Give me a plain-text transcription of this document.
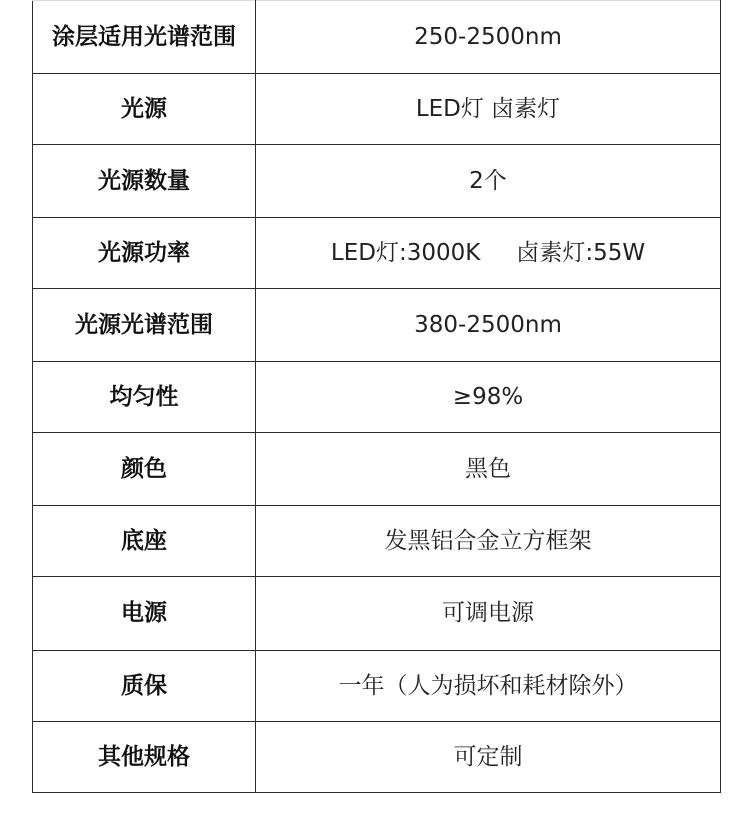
涂层适用光谱范围	250-2500nm
光源	LED灯 卤素灯
光源数量	2个
光源功率	LED灯:3000K 卤素灯:55W
光源光谱范围	380-2500nm
均匀性	≥98%
颜色	黑色
底座	发黑铝合金立方框架
电源	可调电源
质保	一年（人为损坏和耗材除外）
其他规格	可定制
